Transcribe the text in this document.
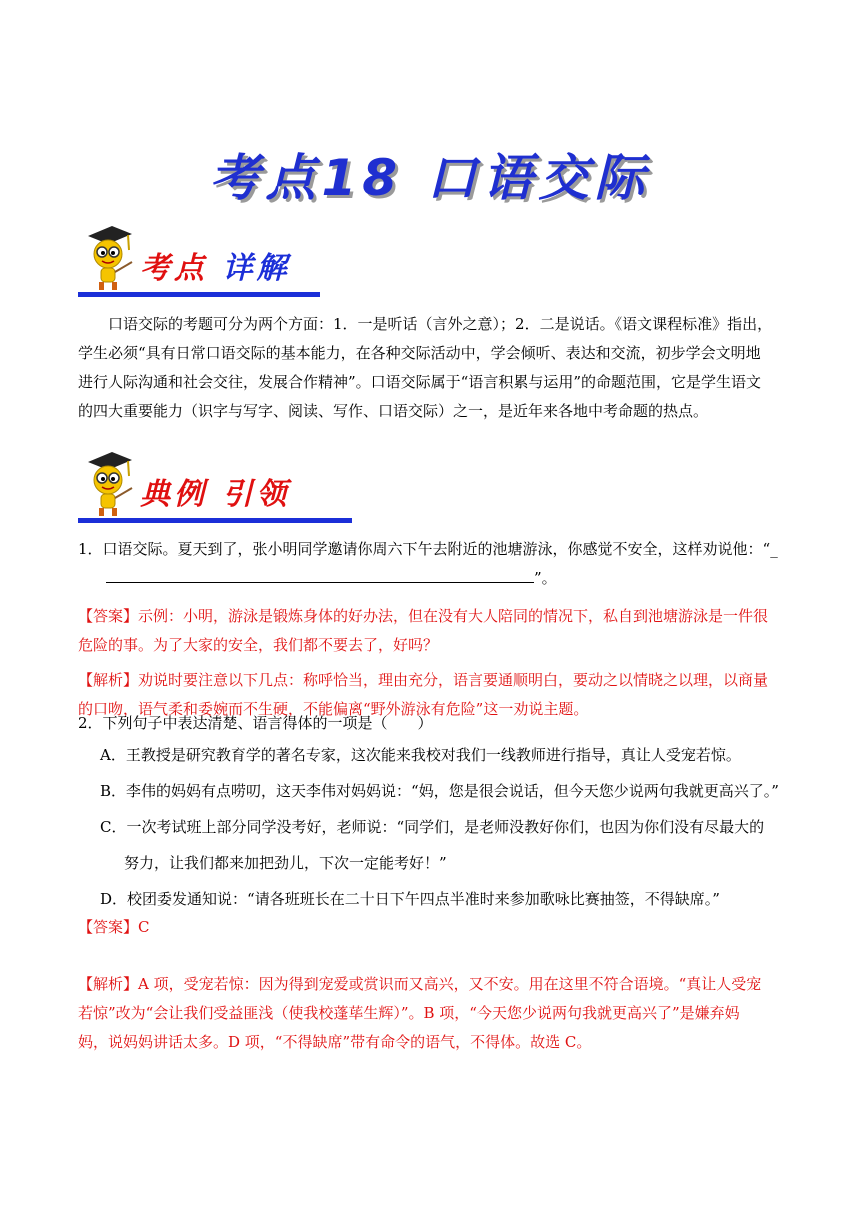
考点18 口语交际
考点 详解
口语交际的考题可分为两个方面：1．一是听话（言外之意）；2．二是说话。《语文课程标准》指出，
学生必须“具有日常口语交际的基本能力，在各种交际活动中，学会倾听、表达和交流，初步学会文明地
进行人际沟通和社会交往，发展合作精神”。口语交际属于“语言积累与运用”的命题范围，它是学生语文
的四大重要能力（识字与写字、阅读、写作、口语交际）之一，是近年来各地中考命题的热点。
典例 引领
1．口语交际。夏天到了，张小明同学邀请你周六下午去附近的池塘游泳，你感觉不安全，这样劝说他：“_
”。
【答案】示例：小明，游泳是锻炼身体的好办法，但在没有大人陪同的情况下，私自到池塘游泳是一件很
危险的事。为了大家的安全，我们都不要去了，好吗？
【解析】劝说时要注意以下几点：称呼恰当，理由充分，语言要通顺明白，要动之以情晓之以理，以商量
的口吻，语气柔和委婉而不生硬，不能偏离“野外游泳有危险”这一劝说主题。
2．下列句子中表达清楚、语言得体的一项是（　　）
A．王教授是研究教育学的著名专家，这次能来我校对我们一线教师进行指导，真让人受宠若惊。
B．李伟的妈妈有点唠叨，这天李伟对妈妈说：“妈，您是很会说话，但今天您少说两句我就更高兴了。”
C．一次考试班上部分同学没考好，老师说：“同学们，是老师没教好你们，也因为你们没有尽最大的
努力，让我们都来加把劲儿，下次一定能考好！”
D．校团委发通知说：“请各班班长在二十日下午四点半准时来参加歌咏比赛抽签，不得缺席。”
【答案】C
【解析】A 项，受宠若惊：因为得到宠爱或赏识而又高兴，又不安。用在这里不符合语境。“真让人受宠
若惊”改为“会让我们受益匪浅（使我校蓬荜生辉）”。B 项，“今天您少说两句我就更高兴了”是嫌弃妈
妈，说妈妈讲话太多。D 项，“不得缺席”带有命令的语气，不得体。故选 C。
